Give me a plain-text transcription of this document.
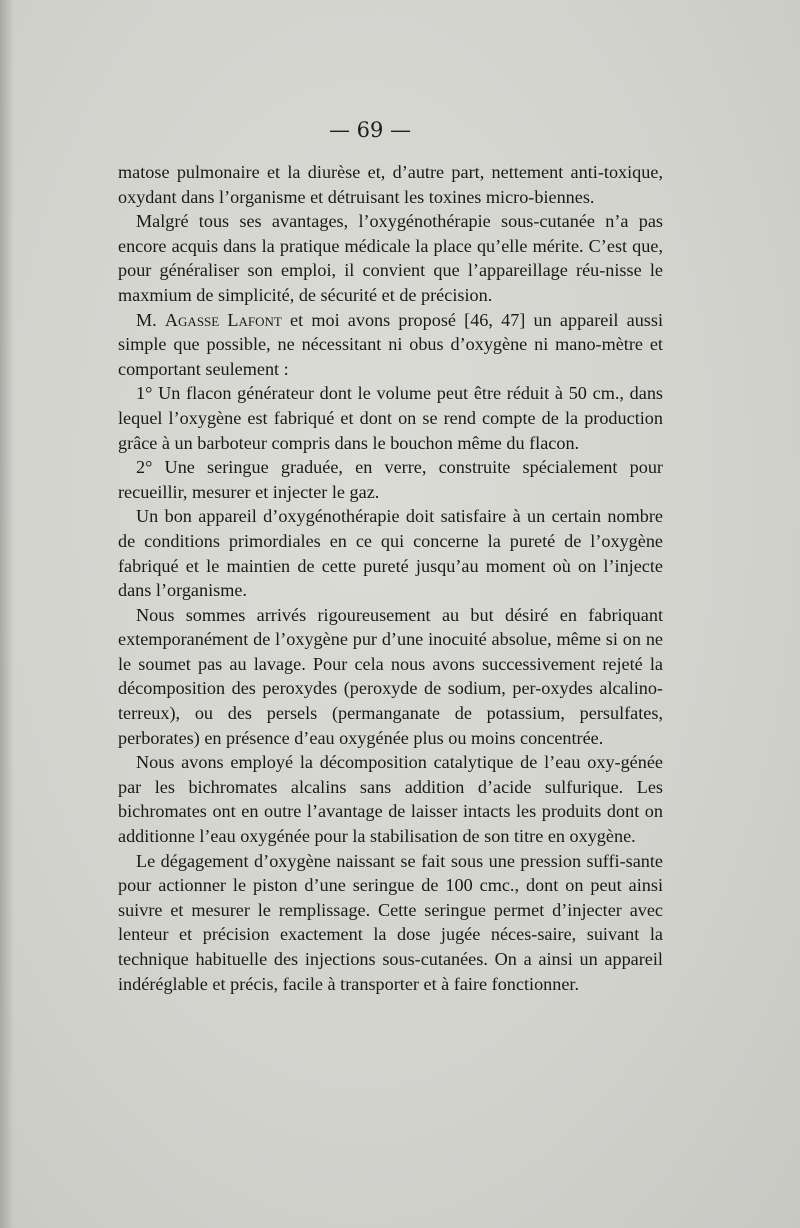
— 69 —

matose pulmonaire et la diurèse et, d’autre part, nettement anti-toxique, oxydant dans l’organisme et détruisant les toxines micro-biennes.

Malgré tous ses avantages, l’oxygénothérapie sous-cutanée n’a pas encore acquis dans la pratique médicale la place qu’elle mérite. C’est que, pour généraliser son emploi, il convient que l’appareillage réu-nisse le maxmium de simplicité, de sécurité et de précision.

M. Agasse Lafont et moi avons proposé [46, 47] un appareil aussi simple que possible, ne nécessitant ni obus d’oxygène ni mano-mètre et comportant seulement :

1° Un flacon générateur dont le volume peut être réduit à 50 cm., dans lequel l’oxygène est fabriqué et dont on se rend compte de la production grâce à un barboteur compris dans le bouchon même du flacon.

2° Une seringue graduée, en verre, construite spécialement pour recueillir, mesurer et injecter le gaz.

Un bon appareil d’oxygénothérapie doit satisfaire à un certain nombre de conditions primordiales en ce qui concerne la pureté de l’oxygène fabriqué et le maintien de cette pureté jusqu’au moment où on l’injecte dans l’organisme.

Nous sommes arrivés rigoureusement au but désiré en fabriquant extemporanément de l’oxygène pur d’une inocuité absolue, même si on ne le soumet pas au lavage. Pour cela nous avons successivement rejeté la décomposition des peroxydes (peroxyde de sodium, per-oxydes alcalino-terreux), ou des persels (permanganate de potassium, persulfates, perborates) en présence d’eau oxygénée plus ou moins concentrée.

Nous avons employé la décomposition catalytique de l’eau oxy-génée par les bichromates alcalins sans addition d’acide sulfurique. Les bichromates ont en outre l’avantage de laisser intacts les produits dont on additionne l’eau oxygénée pour la stabilisation de son titre en oxygène.

Le dégagement d’oxygène naissant se fait sous une pression suffi-sante pour actionner le piston d’une seringue de 100 cmc., dont on peut ainsi suivre et mesurer le remplissage. Cette seringue permet d’injecter avec lenteur et précision exactement la dose jugée néces-saire, suivant la technique habituelle des injections sous-cutanées. On a ainsi un appareil indéréglable et précis, facile à transporter et à faire fonctionner.
